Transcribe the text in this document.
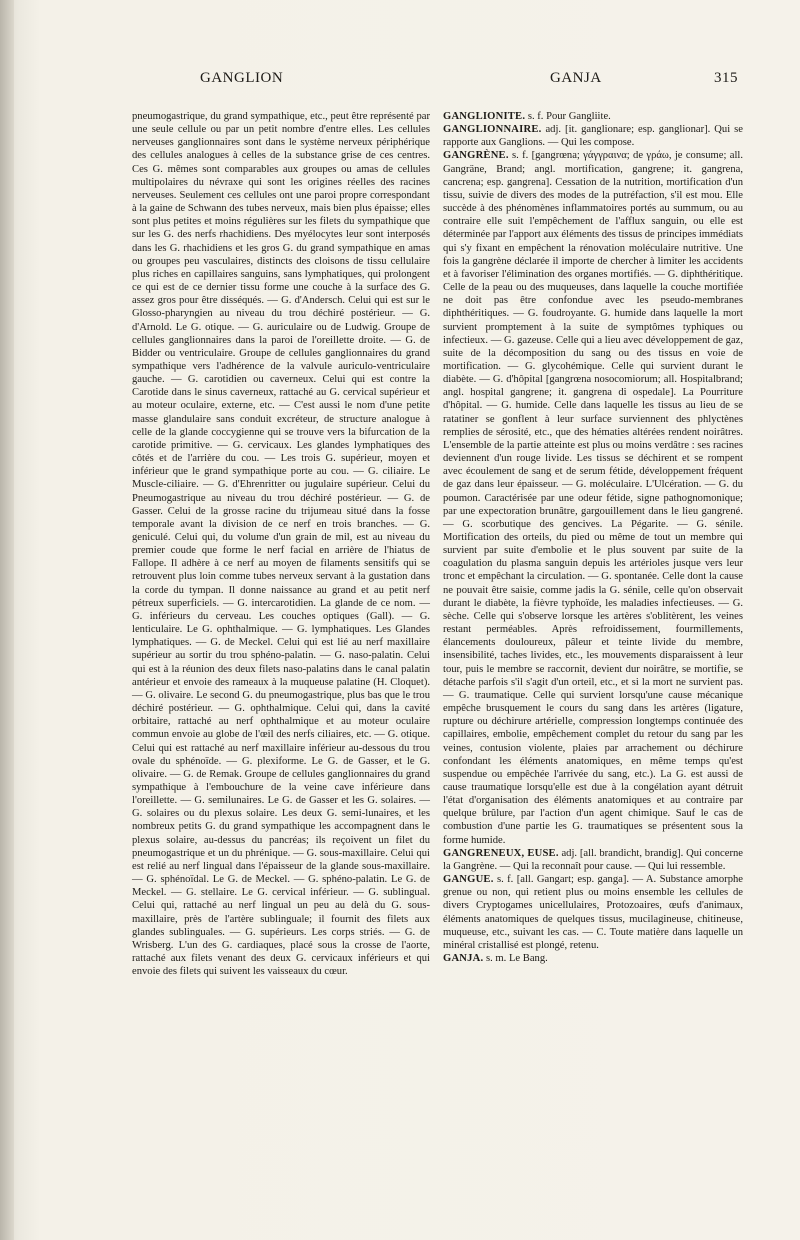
GANGLION	GANJA	315

pneumogastrique, du grand sympathique, etc., peut être représenté par une seule cellule ou par un petit nombre d'entre elles. Les cellules nerveuses ganglionnaires sont dans le système nerveux périphérique des cellules analogues à celles de la substance grise de ces centres. Ces G. mêmes sont comparables aux groupes ou amas de cellules multipolaires du névraxe qui sont les origines réelles des racines nerveuses. Seulement ces cellules ont une paroi propre correspondant à la gaine de Schwann des tubes nerveux, mais bien plus épaisse; elles sont plus petites et moins régulières sur les filets du sympathique que sur les G. des nerfs rhachidiens. Des myélocytes leur sont interposés dans les G. rhachidiens et les gros G. du grand sympathique en amas ou groupes peu vasculaires, distincts des cloisons de tissu cellulaire plus riches en capillaires sanguins, sans lymphatiques, qui prolongent ce qui est de ce dernier tissu forme une couche à la surface des G. assez gros pour être disséqués. — G. d'Andersch. Celui qui est sur le Glosso-pharyngien au niveau du trou déchiré postérieur. — G. d'Arnold. Le G. otique. — G. auriculaire ou de Ludwig. Groupe de cellules ganglionnaires dans la paroi de l'oreillette droite. — G. de Bidder ou ventriculaire. Groupe de cellules ganglionnaires du grand sympathique vers l'adhérence de la valvule auriculo-ventriculaire gauche. — G. carotidien ou caverneux. Celui qui est contre la Carotide dans le sinus caverneux, rattaché au G. cervical supérieur et au moteur oculaire, externe, etc. — C'est aussi le nom d'une petite masse glandulaire sans conduit excréteur, de structure analogue à celle de la glande coccygienne qui se trouve vers la bifurcation de la carotide primitive. — G. cervicaux. Les glandes lymphatiques des côtés et de l'arrière du cou. — Les trois G. supérieur, moyen et inférieur que le grand sympathique porte au cou. — G. ciliaire. Le Muscle-ciliaire. — G. d'Ehrenritter ou jugulaire supérieur. Celui du Pneumogastrique au niveau du trou déchiré postérieur. — G. de Gasser. Celui de la grosse racine du trijumeau situé dans la fosse temporale avant la division de ce nerf en trois branches. — G. geniculé. Celui qui, du volume d'un grain de mil, est au niveau du premier coude que forme le nerf facial en arrière de l'hiatus de Fallope. Il adhère à ce nerf au moyen de filaments sensitifs qui se retrouvent plus loin comme tubes nerveux servant à la gustation dans la corde du tympan. Il donne naissance au grand et au petit nerf pétreux superficiels. — G. intercarotidien. La glande de ce nom. — G. inférieurs du cerveau. Les couches optiques (Gall). — G. lenticulaire. Le G. ophthalmique. — G. lymphatiques. Les Glandes lymphatiques. — G. de Meckel. Celui qui est lié au nerf maxillaire supérieur au sortir du trou sphéno-palatin. — G. naso-palatin. Celui qui est à la réunion des deux filets naso-palatins dans le canal palatin antérieur et envoie des rameaux à la muqueuse palatine (H. Cloquet). — G. olivaire. Le second G. du pneumogastrique, plus bas que le trou déchiré postérieur. — G. ophthalmique. Celui qui, dans la cavité orbitaire, rattaché au nerf ophthalmique et au moteur oculaire commun envoie au globe de l'œil des nerfs ciliaires, etc. — G. otique. Celui qui est rattaché au nerf maxillaire inférieur au-dessous du trou ovale du sphénoïde. — G. plexiforme. Le G. de Gasser, et le G. olivaire. — G. de Remak. Groupe de cellules ganglionnaires du grand sympathique à l'embouchure de la veine cave inférieure dans l'oreillette. — G. semilunaires. Le G. de Gasser et les G. solaires. — G. solaires ou du plexus solaire. Les deux G. semi-lunaires, et les nombreux petits G. du grand sympathique les accompagnent dans le plexus solaire, au-dessus du pancréas; ils reçoivent un filet du pneumogastrique et un du phrénique. — G. sous-maxillaire. Celui qui est relié au nerf lingual dans l'épaisseur de la glande sous-maxillaire. — G. sphénoïdal. Le G. de Meckel. — G. sphéno-palatin. Le G. de Meckel. — G. stellaire. Le G. cervical inférieur. — G. sublingual. Celui qui, rattaché au nerf lingual un peu au delà du G. sous-maxillaire, près de l'artère sublinguale; il fournit des filets aux glandes sublinguales. — G. supérieurs. Les corps striés. — G. de Wrisberg. L'un des G. cardiaques, placé sous la crosse de l'aorte, rattaché aux filets venant des deux G. cervicaux inférieurs et qui envoie des filets qui suivent les vaisseaux du cœur.

GANGLIONITE. s. f. Pour Gangliite.

GANGLIONNAIRE. adj. [it. ganglionare; esp. ganglionar]. Qui se rapporte aux Ganglions. — Qui les compose.

GANGRÈNE. s. f. [gangrœna; γάγγραινα; de γράω, je consume; all. Gangräne, Brand; angl. mortification, gangrene; it. gangrena, cancrena; esp. gangrena]. Cessation de la nutrition, mortification d'un tissu, suivie de divers des modes de la putréfaction, s'il est mou. Elle succède à des phénomènes inflammatoires portés au summum, ou au contraire elle suit l'empêchement de l'afflux sanguin, ou elle est déterminée par l'apport aux éléments des tissus de principes immédiats qui s'y fixant en empêchent la rénovation moléculaire nutritive. Une fois la gangrène déclarée il importe de chercher à limiter les accidents et à favoriser l'élimination des organes mortifiés. — G. diphthéritique. Celle de la peau ou des muqueuses, dans laquelle la couche mortifiée ne doit pas être confondue avec les pseudo-membranes diphthéritiques. — G. foudroyante. G. humide dans laquelle la mort survient promptement à la suite de symptômes typhiques ou infectieux. — G. gazeuse. Celle qui a lieu avec développement de gaz, suite de la décomposition du sang ou des tissus en voie de mortification. — G. glycohémique. Celle qui survient durant le diabète. — G. d'hôpital [gangrœna nosocomiorum; all. Hospitalbrand; angl. hospital gangrene; it. gangrena di ospedale]. La Pourriture d'hôpital. — G. humide. Celle dans laquelle les tissus au lieu de se ratatiner se gonflent à leur surface surviennent des phlyctènes remplies de sérosité, etc., que des hématies altérées rendent noirâtres. L'ensemble de la partie atteinte est plus ou moins verdâtre : ses racines deviennent d'un rouge livide. Les tissus se déchirent et se rompent avec écoulement de sang et de serum fétide, développement fréquent de gaz dans leur épaisseur. — G. moléculaire. L'Ulcération. — G. du poumon. Caractérisée par une odeur fétide, signe pathognomonique; par une expectoration brunâtre, gargouillement dans le lieu gangrené. — G. scorbutique des gencives. La Pégarite. — G. sénile. Mortification des orteils, du pied ou même de tout un membre qui survient par suite d'embolie et le plus souvent par suite de la coagulation du plasma sanguin depuis les artérioles jusque vers leur tronc et empêchant la circulation. — G. spontanée. Celle dont la cause ne pouvait être saisie, comme jadis la G. sénile, celle qu'on observait durant le diabète, la fièvre typhoïde, les maladies infectieuses. — G. sèche. Celle qui s'observe lorsque les artères s'oblitèrent, les veines restant perméables. Après refroidissement, fourmillements, élancements douloureux, pâleur et teinte livide du membre, insensibilité, taches livides, etc., les mouvements disparaissent à leur tour, puis le membre se raccornit, devient dur noirâtre, se mortifie, se détache parfois s'il s'agit d'un orteil, etc., et si la mort ne survient pas. — G. traumatique. Celle qui survient lorsqu'une cause mécanique empêche brusquement le cours du sang dans les artères (ligature, rupture ou déchirure artérielle, compression longtemps continuée des capillaires, embolie, empêchement complet du retour du sang par les veines, contusion violente, plaies par arrachement ou déchirure confondant les éléments anatomiques, en même temps qu'est suspendue ou empêchée l'arrivée du sang, etc.). La G. est aussi de cause traumatique lorsqu'elle est due à la congélation ayant détruit l'état d'organisation des éléments anatomiques et au contraire par quelque brûlure, par l'action d'un agent chimique. Sauf le cas de combustion d'une partie les G. traumatiques se présentent sous la forme humide.

GANGRENEUX, EUSE. adj. [all. brandicht, brandig]. Qui concerne la Gangrène. — Qui la reconnaît pour cause. — Qui lui ressemble.

GANGUE. s. f. [all. Gangart; esp. ganga]. — A. Substance amorphe grenue ou non, qui retient plus ou moins ensemble les cellules de divers Cryptogames unicellulaires, Protozoaires, œufs d'animaux, éléments anatomiques de quelques tissus, mucilagineuse, chitineuse, muqueuse, etc., suivant les cas. — C. Toute matière dans laquelle un minéral cristallisé est plongé, retenu.

GANJA. s. m. Le Bang.
